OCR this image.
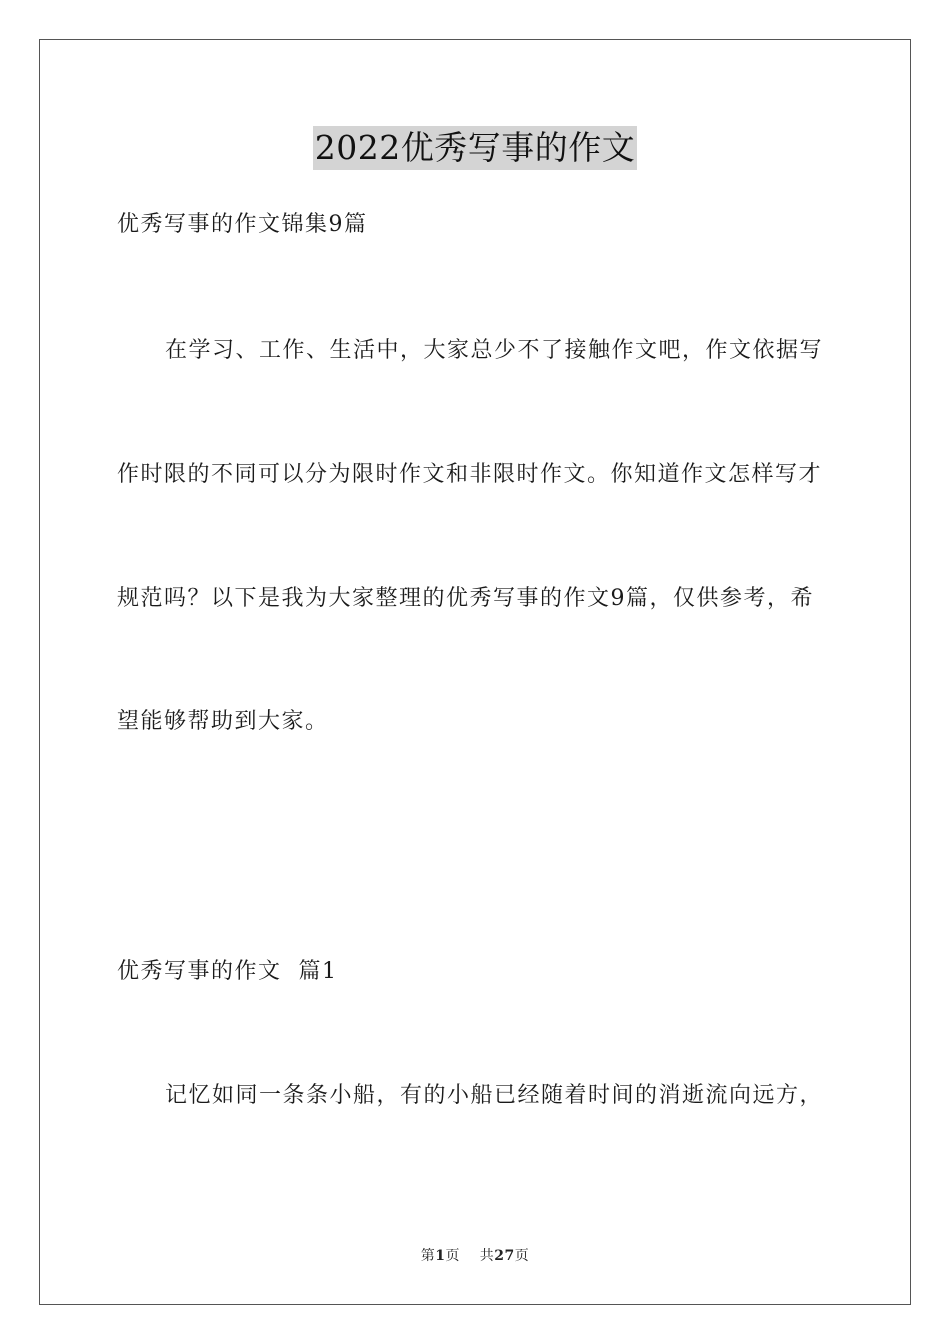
2022优秀写事的作文
优秀写事的作文锦集9篇
在学习、工作、生活中，大家总少不了接触作文吧，作文依据写
作时限的不同可以分为限时作文和非限时作文。你知道作文怎样写才
规范吗？以下是我为大家整理的优秀写事的作文9篇，仅供参考，希
望能够帮助到大家。
优秀写事的作文  篇1
记忆如同一条条小船，有的小船已经随着时间的消逝流向远方，
第1页 共27页
